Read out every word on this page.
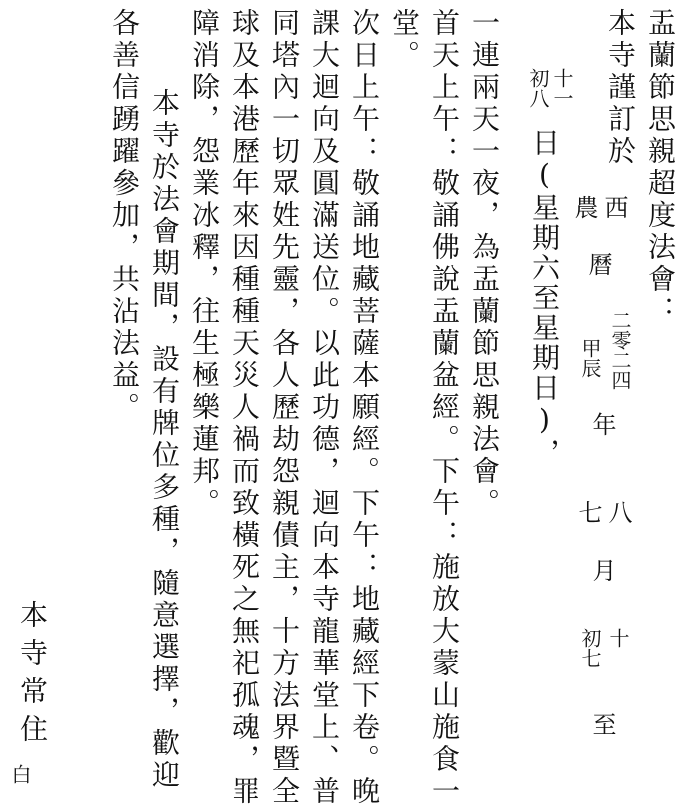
盂蘭節思親超度法會：
本寺謹訂於
西
農
曆
二零二四
甲辰
年
八
七
月
十
初七
至
十一
初八
日(星期六至星期日)，
一連兩天一夜，為盂蘭節思親法會。
首天上午：敬誦佛說盂蘭盆經。下午：施放大蒙山施食一
堂。
次日上午：敬誦地藏菩薩本願經。下午：地藏經下卷。晚
課大迴向及圓滿送位。以此功德，迴向本寺龍華堂上、普
同塔內一切眾姓先靈，各人歷劫怨親債主，十方法界暨全
球及本港歷年來因種種天災人禍而致橫死之無祀孤魂，罪
障消除，怨業冰釋，往生極樂蓮邦。
本寺於法會期間，設有牌位多種，隨意選擇，歡迎
各善信踴躍參加，共沾法益。
本寺常住
白
